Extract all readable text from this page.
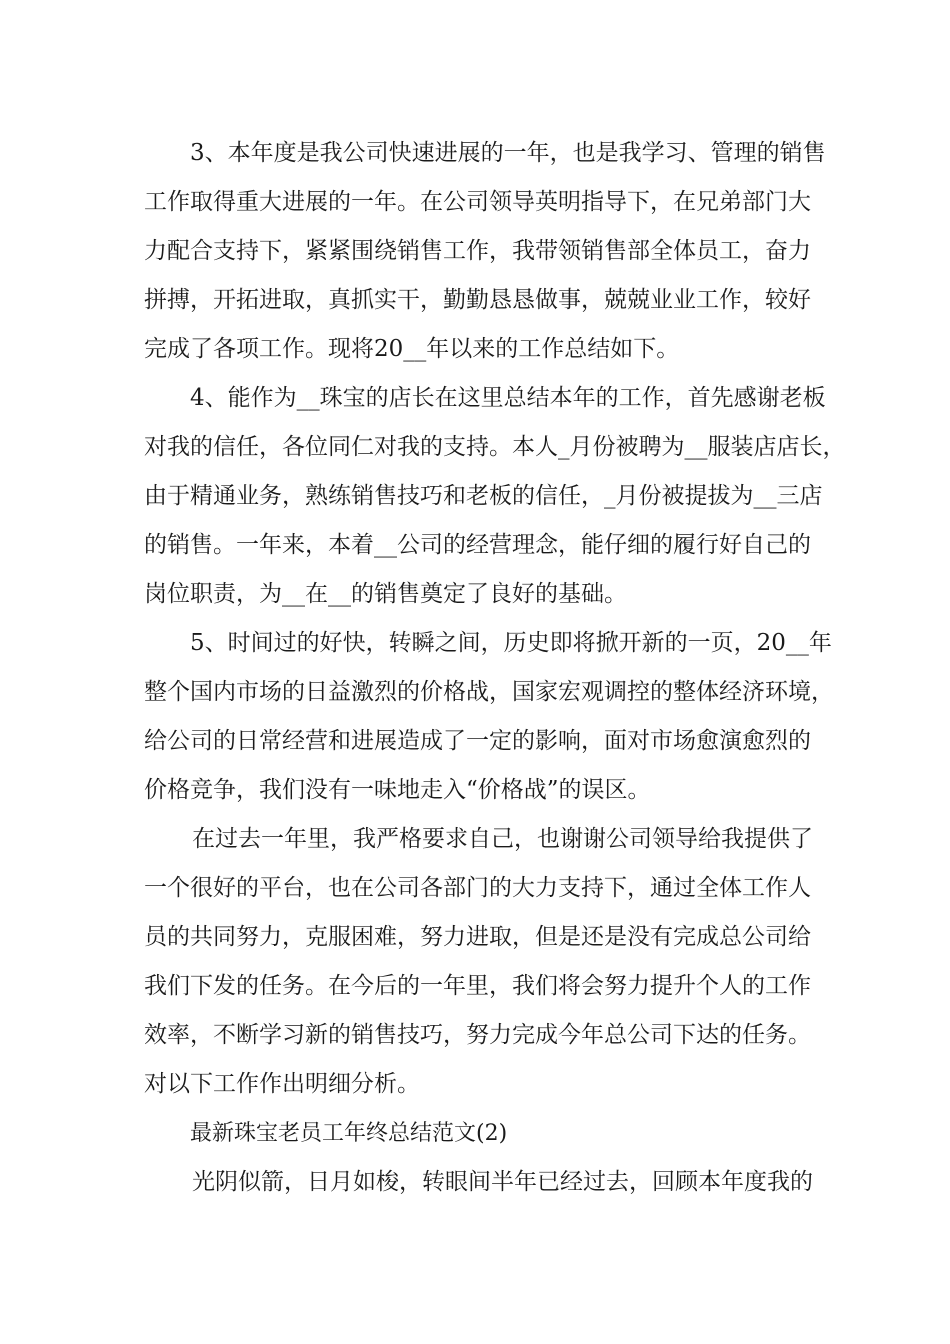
3、本年度是我公司快速进展的一年，也是我学习、管理的销售
工作取得重大进展的一年。在公司领导英明指导下，在兄弟部门大
力配合支持下，紧紧围绕销售工作，我带领销售部全体员工，奋力
拼搏，开拓进取，真抓实干，勤勤恳恳做事，兢兢业业工作，较好
完成了各项工作。现将20__年以来的工作总结如下。
4、能作为__珠宝的店长在这里总结本年的工作，首先感谢老板
对我的信任，各位同仁对我的支持。本人_月份被聘为__服装店店长，
由于精通业务，熟练销售技巧和老板的信任，_月份被提拔为__三店
的销售。一年来，本着__公司的经营理念，能仔细的履行好自己的
岗位职责，为__在__的销售奠定了良好的基础。
5、时间过的好快，转瞬之间，历史即将掀开新的一页，20__年
整个国内市场的日益激烈的价格战，国家宏观调控的整体经济环境，
给公司的日常经营和进展造成了一定的影响，面对市场愈演愈烈的
价格竞争，我们没有一味地走入“价格战”的误区。
在过去一年里，我严格要求自己，也谢谢公司领导给我提供了
一个很好的平台，也在公司各部门的大力支持下，通过全体工作人
员的共同努力，克服困难，努力进取，但是还是没有完成总公司给
我们下发的任务。在今后的一年里，我们将会努力提升个人的工作
效率，不断学习新的销售技巧，努力完成今年总公司下达的任务。
对以下工作作出明细分析。
最新珠宝老员工年终总结范文(2)
光阴似箭，日月如梭，转眼间半年已经过去，回顾本年度我的
